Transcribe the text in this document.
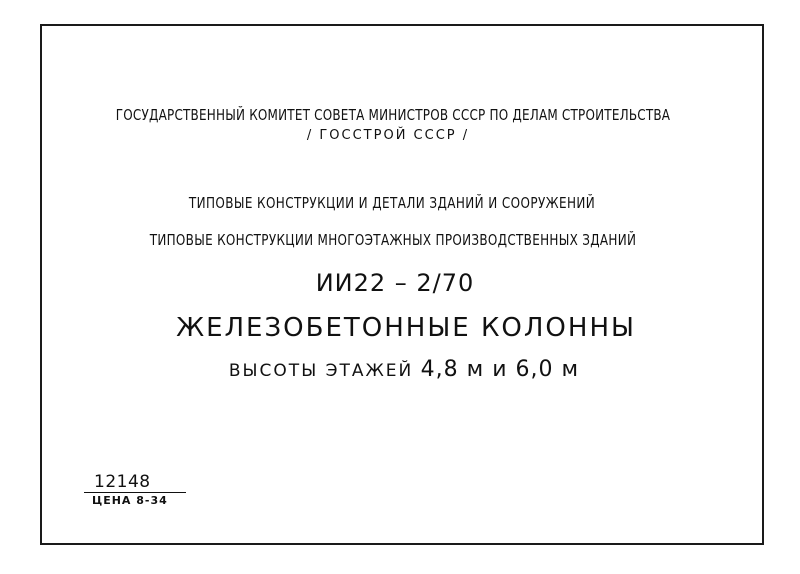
ГОСУДАРСТВЕННЫЙ КОМИТЕТ СОВЕТА МИНИСТРОВ СССР ПО ДЕЛАМ СТРОИТЕЛЬСТВА
/ ГОССТРОЙ СССР /
ТИПОВЫЕ КОНСТРУКЦИИ И ДЕТАЛИ ЗДАНИЙ И СООРУЖЕНИЙ
ТИПОВЫЕ КОНСТРУКЦИИ МНОГОЭТАЖНЫХ ПРОИЗВОДСТВЕННЫХ ЗДАНИЙ
ИИ22 – 2/70
ЖЕЛЕЗОБЕТОННЫЕ КОЛОННЫ
ВЫСОТЫ ЭТАЖЕЙ 4,8 м и 6,0 м
12148
ЦЕНА 8-34
